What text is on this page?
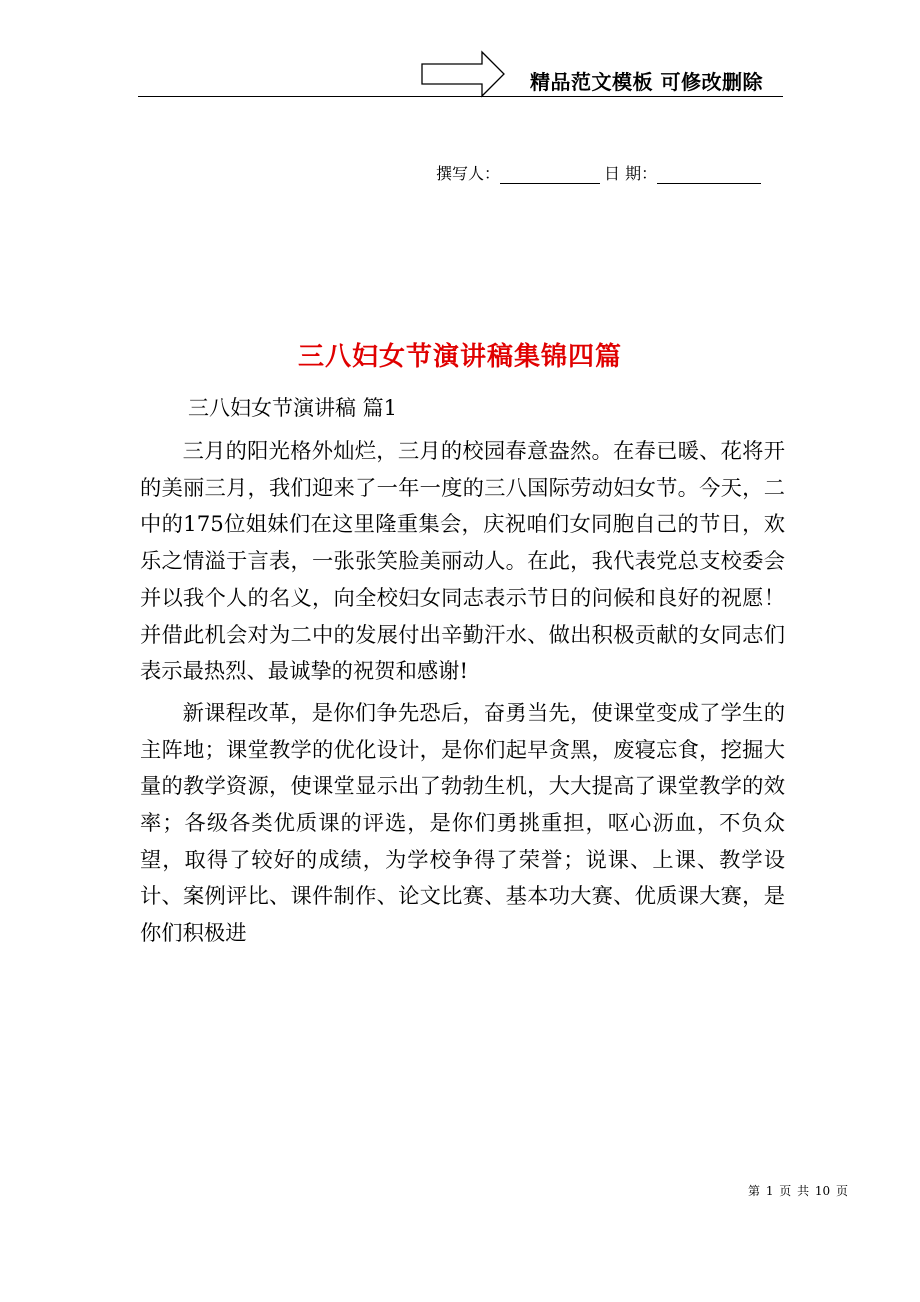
精品范文模板 可修改删除
撰写人：	日 期：
三八妇女节演讲稿集锦四篇
三八妇女节演讲稿 篇1

三月的阳光格外灿烂，三月的校园春意盎然。在春已暖、花将开的美丽三月，我们迎来了一年一度的三八国际劳动妇女节。今天，二中的175位姐妹们在这里隆重集会，庆祝咱们女同胞自己的节日，欢乐之情溢于言表，一张张笑脸美丽动人。在此，我代表党总支校委会并以我个人的名义，向全校妇女同志表示节日的问候和良好的祝愿！并借此机会对为二中的发展付出辛勤汗水、做出积极贡献的女同志们表示最热烈、最诚挚的祝贺和感谢!

新课程改革，是你们争先恐后，奋勇当先，使课堂变成了学生的主阵地；课堂教学的优化设计，是你们起早贪黑，废寝忘食，挖掘大量的教学资源，使课堂显示出了勃勃生机，大大提高了课堂教学的效率；各级各类优质课的评选，是你们勇挑重担，呕心沥血，不负众望，取得了较好的成绩，为学校争得了荣誉；说课、上课、教学设计、案例评比、课件制作、论文比赛、基本功大赛、优质课大赛，是你们积极进

第 1 页 共 10 页
